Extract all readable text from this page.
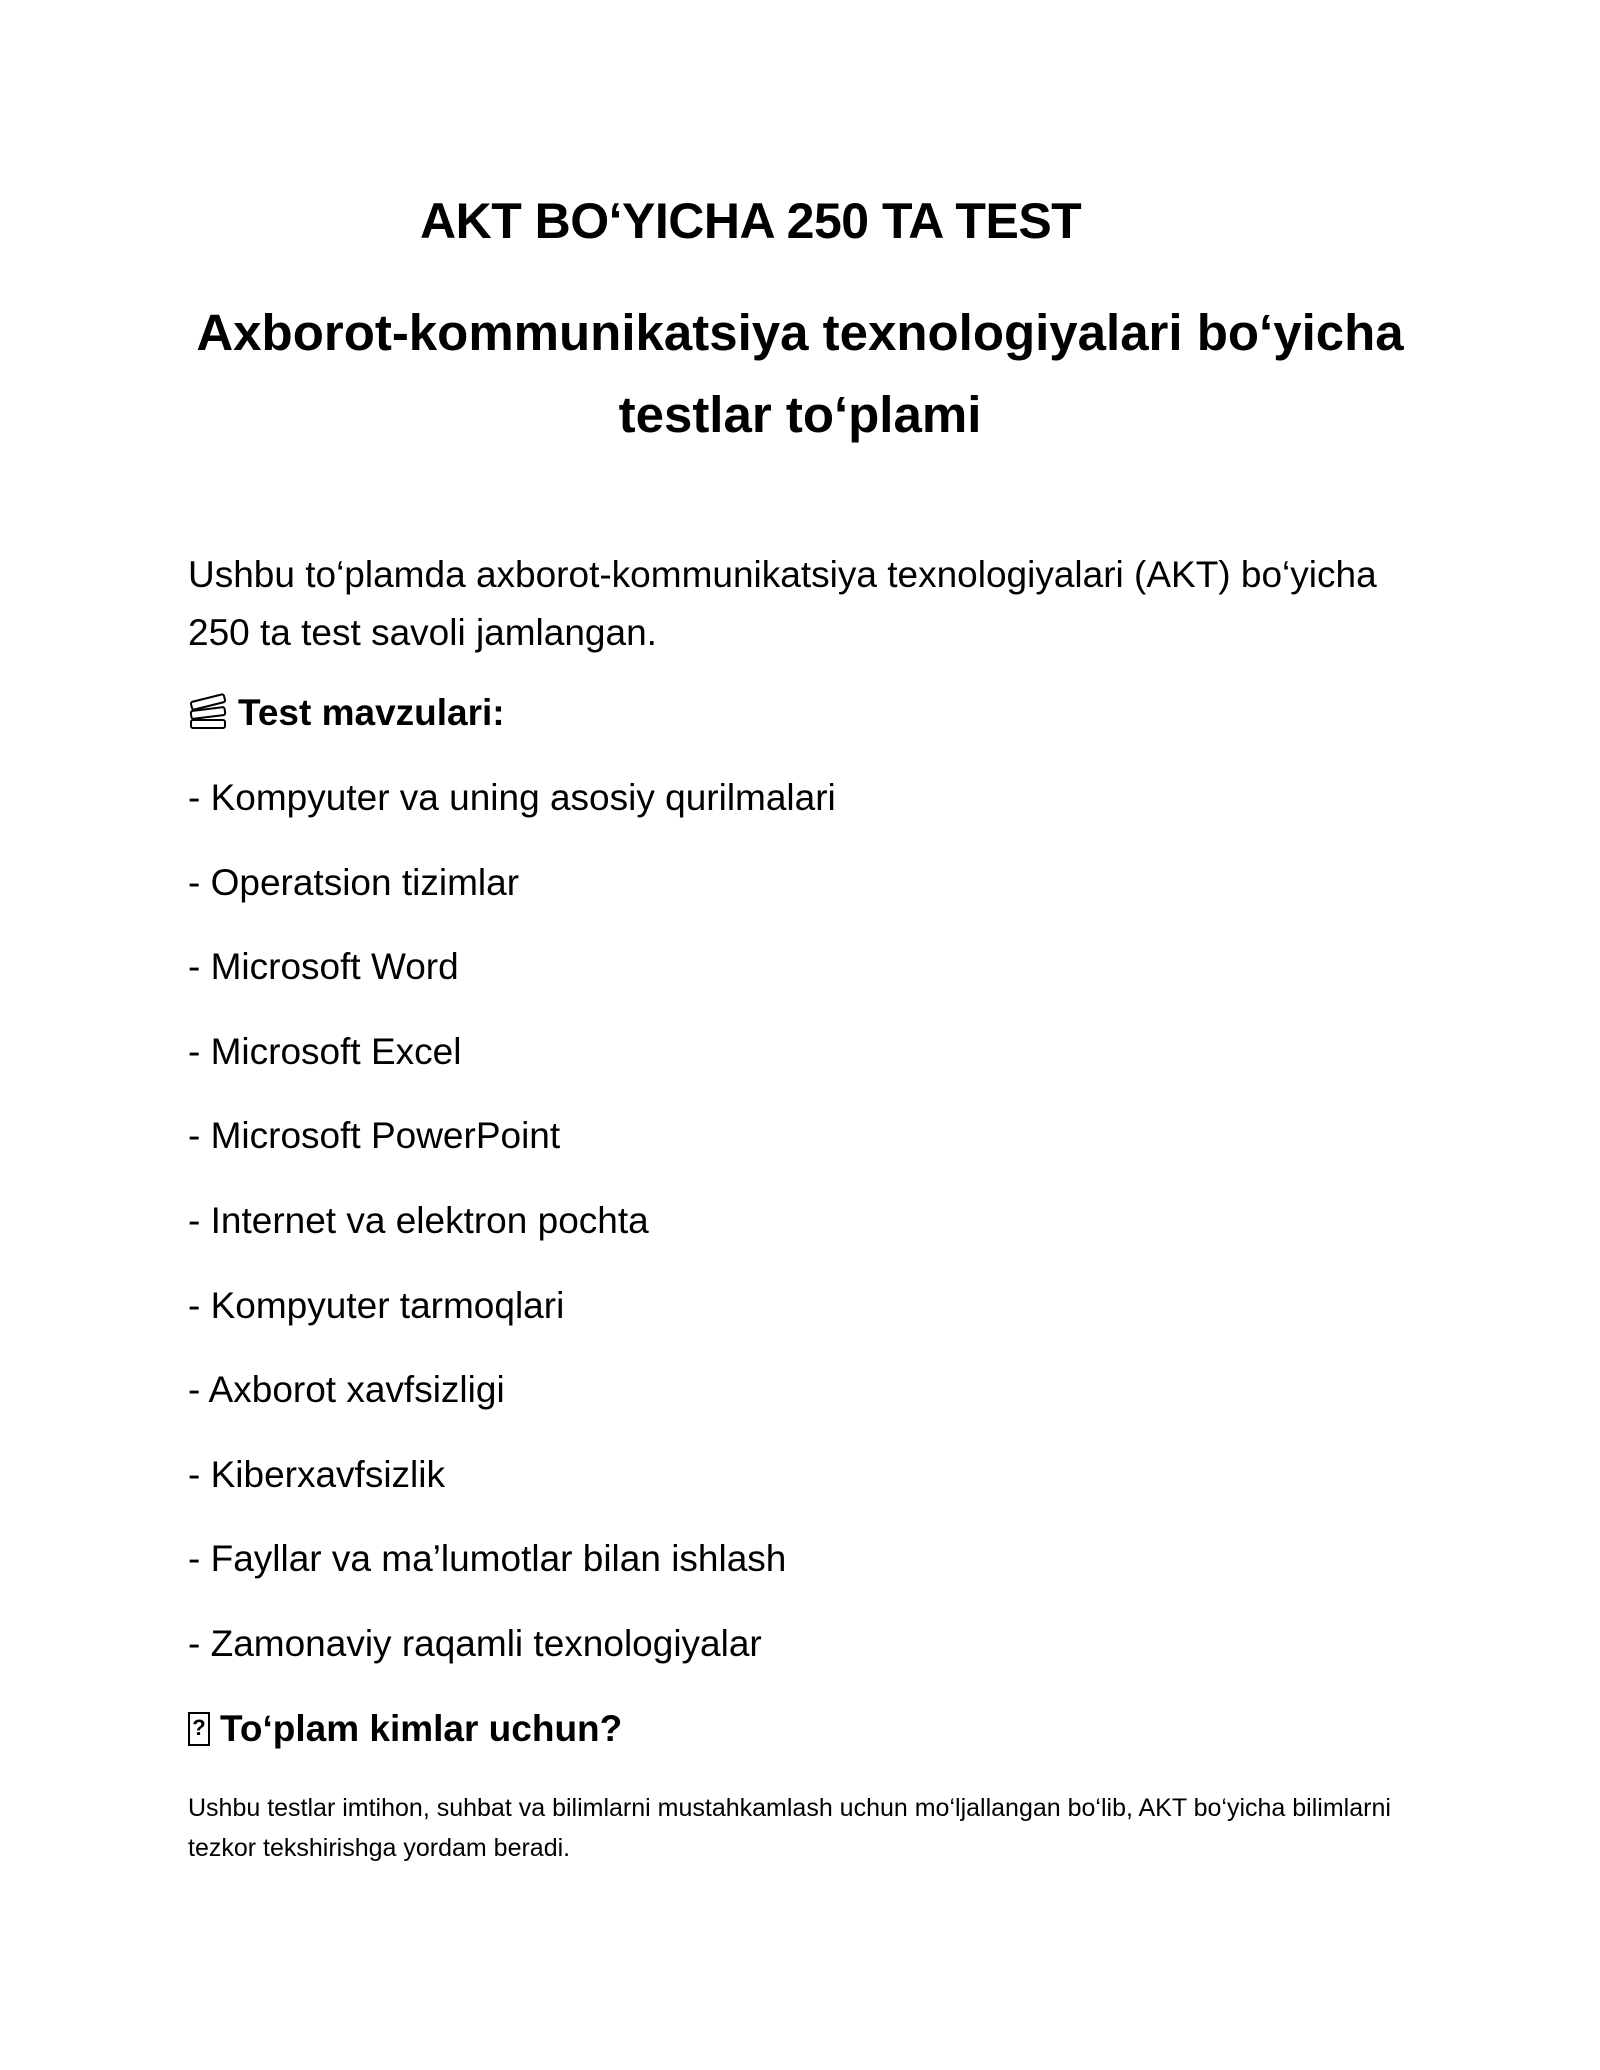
AKT BO‘YICHA 250 TA TEST
Axborot-kommunikatsiya texnologiyalari bo‘yicha testlar to‘plami

Ushbu to‘plamda axborot-kommunikatsiya texnologiyalari (AKT) bo‘yicha 250 ta test savoli jamlangan.

Test mavzulari:
- Kompyuter va uning asosiy qurilmalari
- Operatsion tizimlar
- Microsoft Word
- Microsoft Excel
- Microsoft PowerPoint
- Internet va elektron pochta
- Kompyuter tarmoqlari
- Axborot xavfsizligi
- Kiberxavfsizlik
- Fayllar va ma’lumotlar bilan ishlash
- Zamonaviy raqamli texnologiyalar
? To‘plam kimlar uchun?

Ushbu testlar imtihon, suhbat va bilimlarni mustahkamlash uchun mo‘ljallangan bo‘lib, AKT bo‘yicha bilimlarni tezkor tekshirishga yordam beradi.
